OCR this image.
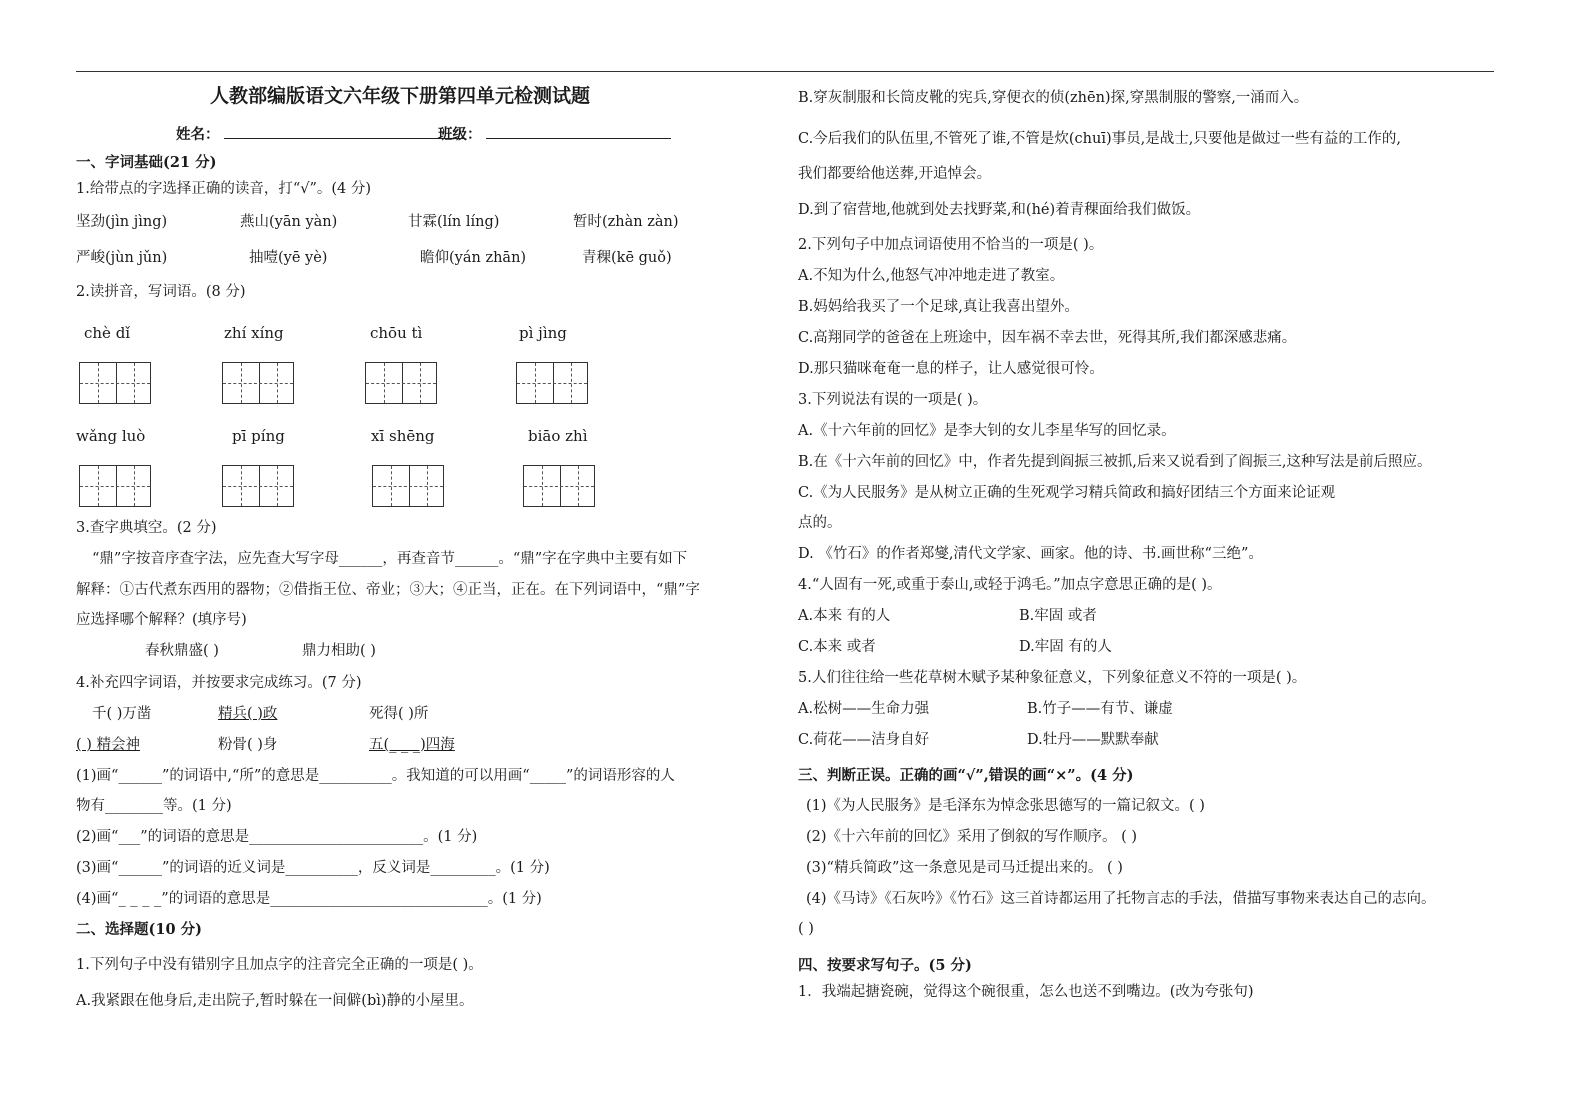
人教部编版语文六年级下册第四单元检测试题
姓名：	班级：
一、字词基础(21 分)
1.给带点的字选择正确的读音，打“√”。(4 分)
坚劲(jìn jìng)	燕山(yān yàn)	甘霖(lín líng)	暂时(zhàn zàn)
严峻(jùn jǔn)	抽噎(yē yè)	瞻仰(yán zhān)	青稞(kē guǒ)
2.读拼音，写词语。(8 分)
chè dǐ	zhí xíng	chōu tì	pì jìng
wǎng luò	pī píng	xī shēng	biāo zhì
3.查字典填空。(2 分)
“鼎”字按音序查字法，应先查大写字母______，再查音节______。“鼎”字在字典中主要有如下
解释：①古代煮东西用的器物；②借指王位、帝业；③大；④正当，正在。在下列词语中，“鼎”字
应选择哪个解释？(填序号)
春秋鼎盛( )	鼎力相助( )
4.补充四字词语，并按要求完成练习。(7 分)
千( )万凿	精兵( )政	死得( )所
( ) 精会神	粉骨( )身	五(_ _ _)四海
(1)画“______”的词语中,“所”的意思是__________。我知道的可以用画“_____”的词语形容的人
物有________等。(1 分)
(2)画“___”的词语的意思是________________________。(1 分)
(3)画“______”的词语的近义词是__________，反义词是_________。(1 分)
(4)画“_ _ _ _”的词语的意思是______________________________。(1 分)
二、选择题(10 分)
1.下列句子中没有错别字且加点字的注音完全正确的一项是( )。
A.我紧跟在他身后,走出院子,暂时躲在一间僻(bì)静的小屋里。
B.穿灰制服和长筒皮靴的宪兵,穿便衣的侦(zhēn)探,穿黑制服的警察,一涌而入。
C.今后我们的队伍里,不管死了谁,不管是炊(chuī)事员,是战士,只要他是做过一些有益的工作的,
我们都要给他送葬,开追悼会。
D.到了宿营地,他就到处去找野菜,和(hé)着青稞面给我们做饭。
2.下列句子中加点词语使用不恰当的一项是( )。
A.不知为什么,他怒气冲冲地走进了教室。
B.妈妈给我买了一个足球,真让我喜出望外。
C.高翔同学的爸爸在上班途中，因车祸不幸去世，死得其所,我们都深感悲痛。
D.那只猫咪奄奄一息的样子，让人感觉很可怜。
3.下列说法有误的一项是( )。
A.《十六年前的回忆》是李大钊的女儿李星华写的回忆录。
B.在《十六年前的回忆》中，作者先提到阎振三被抓,后来又说看到了阎振三,这种写法是前后照应。
C.《为人民服务》是从树立正确的生死观学习精兵简政和搞好团结三个方面来论证观
点的。
D. 《竹石》的作者郑燮,清代文学家、画家。他的诗、书.画世称“三绝”。
4.“人固有一死,或重于泰山,或轻于鸿毛。”加点字意思正确的是( )。
A.本来 有的人	B.牢固 或者
C.本来 或者	D.牢固 有的人
5.人们往往给一些花草树木赋予某种象征意义，下列象征意义不符的一项是( )。
A.松树——生命力强	B.竹子——有节、谦虚
C.荷花——洁身自好	D.牡丹——默默奉献
三、判断正误。正确的画“√”,错误的画“×”。(4 分)
(1)《为人民服务》是毛泽东为悼念张思德写的一篇记叙文。( )
(2)《十六年前的回忆》采用了倒叙的写作顺序。 ( )
(3)“精兵简政”这一条意见是司马迁提出来的。 ( )
(4)《马诗》《石灰吟》《竹石》这三首诗都运用了托物言志的手法，借描写事物来表达自己的志向。
( )
四、按要求写句子。(5 分)
1．我端起搪瓷碗，觉得这个碗很重，怎么也送不到嘴边。(改为夸张句)
